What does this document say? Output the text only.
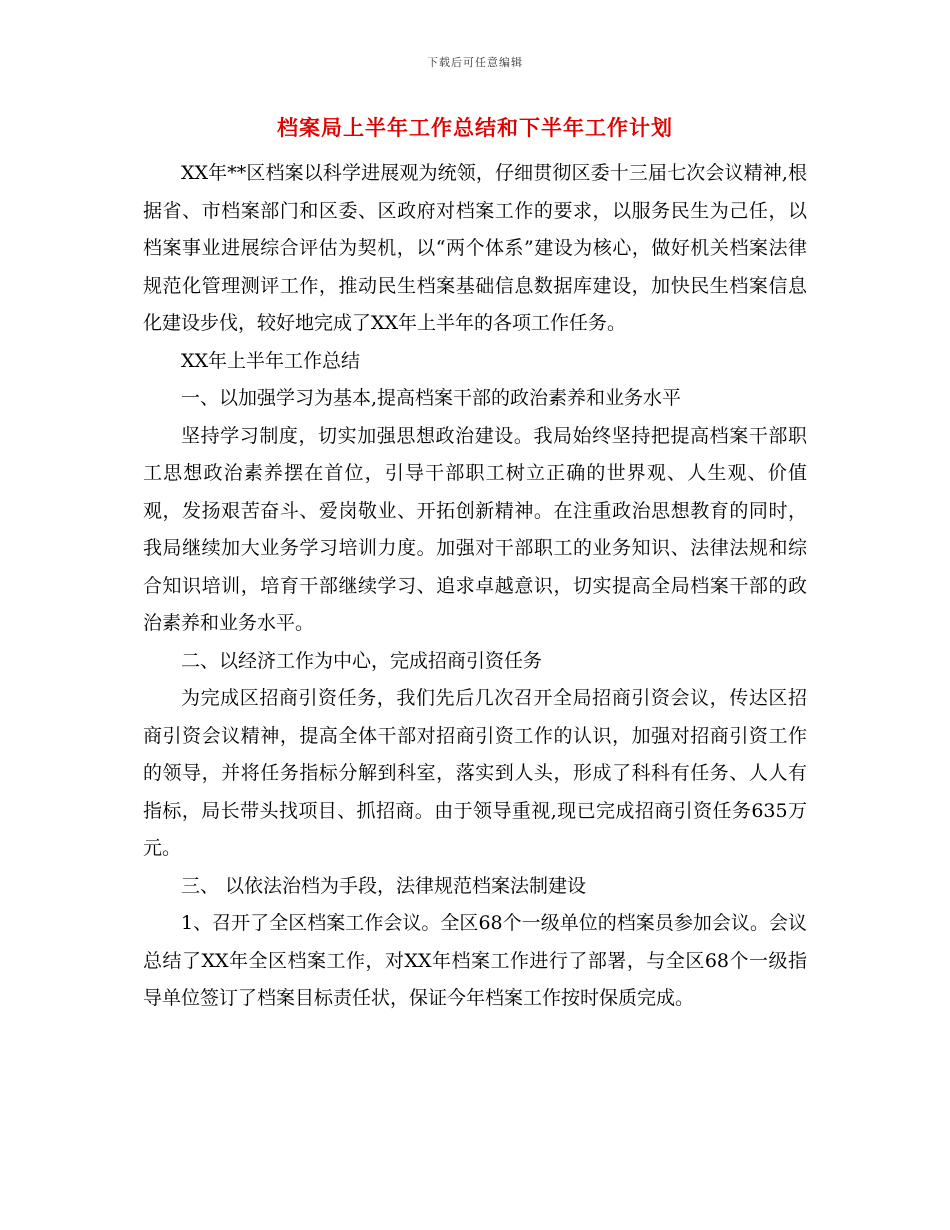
下载后可任意编辑
档案局上半年工作总结和下半年工作计划

XX年**区档案以科学进展观为统领，仔细贯彻区委十三届七次会议精神,根据省、市档案部门和区委、区政府对档案工作的要求，以服务民生为己任，以档案事业进展综合评估为契机，以“两个体系”建设为核心，做好机关档案法律规范化管理测评工作，推动民生档案基础信息数据库建设，加快民生档案信息化建设步伐，较好地完成了XX年上半年的各项工作任务。

XX年上半年工作总结

一、以加强学习为基本,提高档案干部的政治素养和业务水平

坚持学习制度，切实加强思想政治建设。我局始终坚持把提高档案干部职工思想政治素养摆在首位，引导干部职工树立正确的世界观、人生观、价值观，发扬艰苦奋斗、爱岗敬业、开拓创新精神。在注重政治思想教育的同时，我局继续加大业务学习培训力度。加强对干部职工的业务知识、法律法规和综合知识培训，培育干部继续学习、追求卓越意识，切实提高全局档案干部的政治素养和业务水平。

二、以经济工作为中心，完成招商引资任务

为完成区招商引资任务，我们先后几次召开全局招商引资会议，传达区招商引资会议精神，提高全体干部对招商引资工作的认识，加强对招商引资工作的领导，并将任务指标分解到科室，落实到人头，形成了科科有任务、人人有指标，局长带头找项目、抓招商。由于领导重视,现已完成招商引资任务635万元。

三、 以依法治档为手段，法律规范档案法制建设

1、召开了全区档案工作会议。全区68个一级单位的档案员参加会议。会议总结了XX年全区档案工作，对XX年档案工作进行了部署，与全区68个一级指导单位签订了档案目标责任状，保证今年档案工作按时保质完成。
